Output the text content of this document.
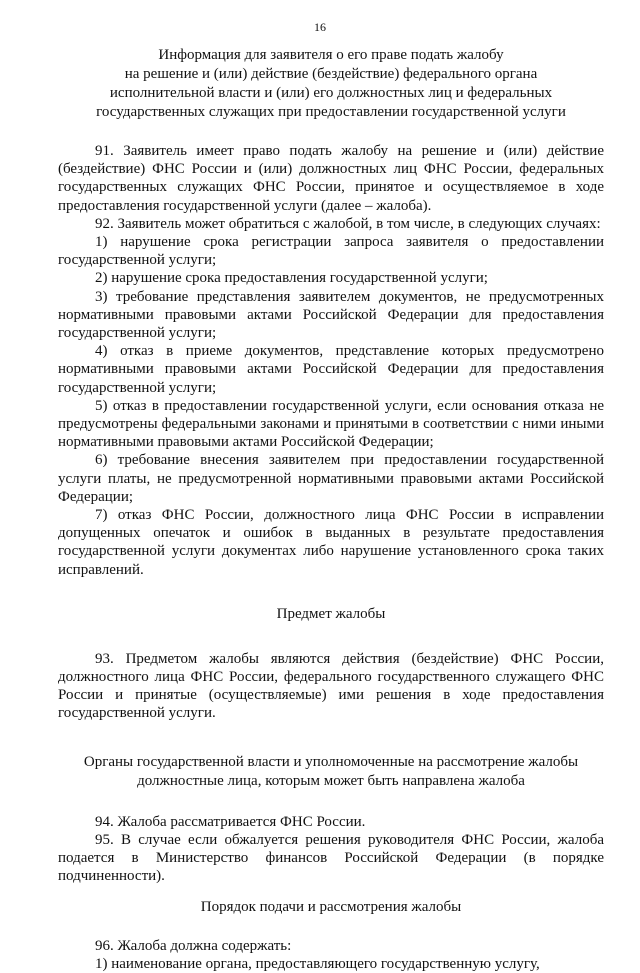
16
Информация для заявителя о его праве подать жалобу
на решение и (или) действие (бездействие) федерального органа
исполнительной власти и (или) его должностных лиц и федеральных
государственных служащих при предоставлении государственной услуги

91. Заявитель имеет право подать жалобу на решение и (или) действие (бездействие) ФНС России и (или) должностных лиц ФНС России, федеральных государственных служащих ФНС России, принятое и осуществляемое в ходе предоставления государственной услуги (далее – жалоба).

92. Заявитель может обратиться с жалобой, в том числе, в следующих случаях:

1) нарушение срока регистрации запроса заявителя о предоставлении государственной услуги;

2) нарушение срока предоставления государственной услуги;

3) требование представления заявителем документов, не предусмотренных нормативными правовыми актами Российской Федерации для предоставления государственной услуги;

4) отказ в приеме документов, представление которых предусмотрено нормативными правовыми актами Российской Федерации для предоставления государственной услуги;

5) отказ в предоставлении государственной услуги, если основания отказа не предусмотрены федеральными законами и принятыми в соответствии с ними иными нормативными правовыми актами Российской Федерации;

6) требование внесения заявителем при предоставлении государственной услуги платы, не предусмотренной нормативными правовыми актами Российской Федерации;

7) отказ ФНС России, должностного лица ФНС России в исправлении допущенных опечаток и ошибок в выданных в результате предоставления государственной услуги документах либо нарушение установленного срока таких исправлений.

Предмет жалобы

93. Предметом жалобы являются действия (бездействие) ФНС России, должностного лица ФНС России, федерального государственного служащего ФНС России и принятые (осуществляемые) ими решения в ходе предоставления государственной услуги.

Органы государственной власти и уполномоченные на рассмотрение жалобы
должностные лица, которым может быть направлена жалоба

94. Жалоба рассматривается ФНС России.

95. В случае если обжалуется решения руководителя ФНС России, жалоба подается в Министерство финансов Российской Федерации (в порядке подчиненности).

Порядок подачи и рассмотрения жалобы

96. Жалоба должна содержать:

1) наименование органа, предоставляющего государственную услугу,
